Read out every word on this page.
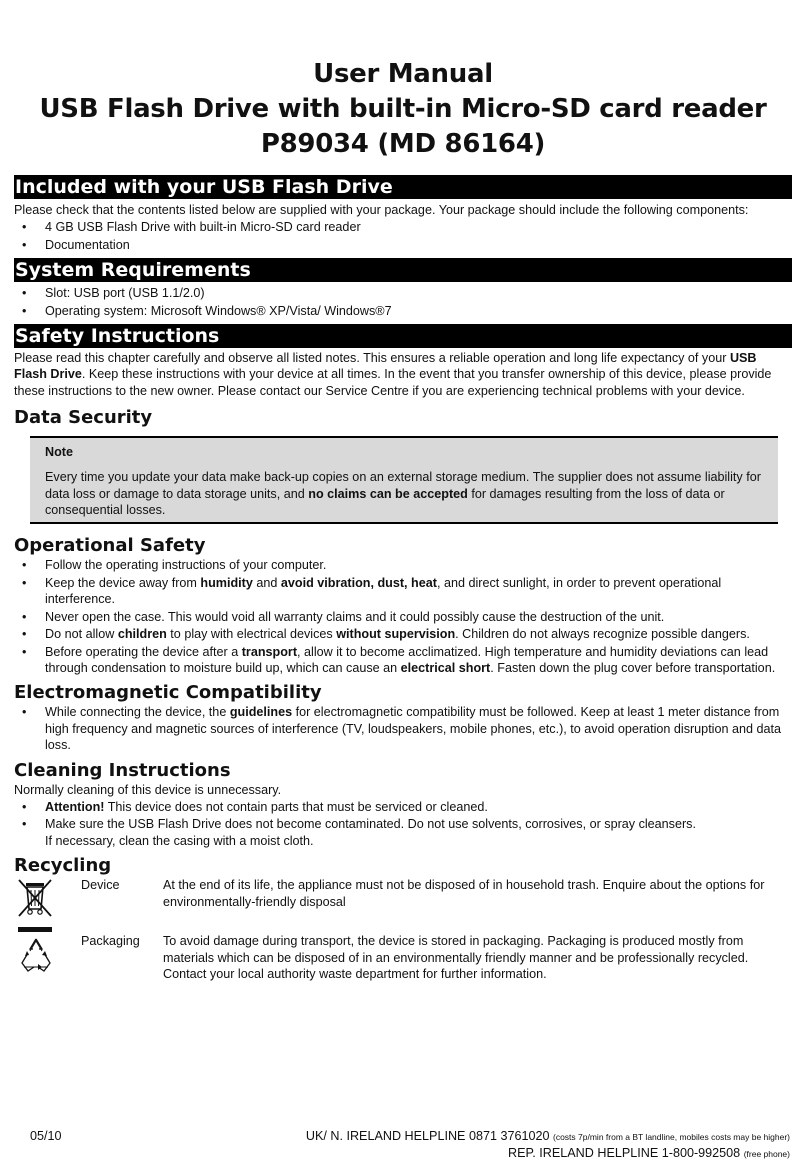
User Manual
USB Flash Drive with built-in Micro-SD card reader
P89034 (MD 86164)
Included with your USB Flash Drive

Please check that the contents listed below are supplied with your package. Your package should include the following components:

• 4 GB USB Flash Drive with built-in Micro-SD card reader
• Documentation
System Requirements
• Slot: USB port (USB 1.1/2.0)
• Operating system: Microsoft Windows® XP/Vista/ Windows®7
Safety Instructions

Please read this chapter carefully and observe all listed notes. This ensures a reliable operation and long life expectancy of your USB Flash Drive. Keep these instructions with your device at all times. In the event that you transfer ownership of this device, please provide these instructions to the new owner. Please contact our Service Centre if you are experiencing technical problems with your device.

Data Security
Note

Every time you update your data make back-up copies on an external storage medium. The supplier does not assume liability for data loss or damage to data storage units, and no claims can be accepted for damages resulting from the loss of data or consequential losses.

Operational Safety
• Follow the operating instructions of your computer.
• Keep the device away from humidity and avoid vibration, dust, heat, and direct sunlight, in order to prevent operational interference.
• Never open the case. This would void all warranty claims and it could possibly cause the destruction of the unit.
• Do not allow children to play with electrical devices without supervision. Children do not always recognize possible dangers.
• Before operating the device after a transport, allow it to become acclimatized. High temperature and humidity deviations can lead through condensation to moisture build up, which can cause an electrical short. Fasten down the plug cover before transportation.
Electromagnetic Compatibility
• While connecting the device, the guidelines for electromagnetic compatibility must be followed. Keep at least 1 meter distance from high frequency and magnetic sources of interference (TV, loudspeakers, mobile phones, etc.), to avoid operation disruption and data loss.
Cleaning Instructions

Normally cleaning of this device is unnecessary.

• Attention! This device does not contain parts that must be serviced or cleaned.
• Make sure the USB Flash Drive does not become contaminated. Do not use solvents, corrosives, or spray cleansers.
If necessary, clean the casing with a moist cloth.
Recycling
Device	At the end of its life, the appliance must not be disposed of in household trash. Enquire about the options for environmentally-friendly disposal
Packaging To avoid damage during transport, the device is stored in packaging. Packaging is produced mostly from materials which can be disposed of in an environmentally friendly manner and be professionally recycled. Contact your local authority waste department for further information.
05/10	UK/ N. IRELAND HELPLINE 0871 3761020 (costs 7p/min from a BT landline, mobiles costs may be higher)
REP. IRELAND HELPLINE 1-800-992508 (free phone)
